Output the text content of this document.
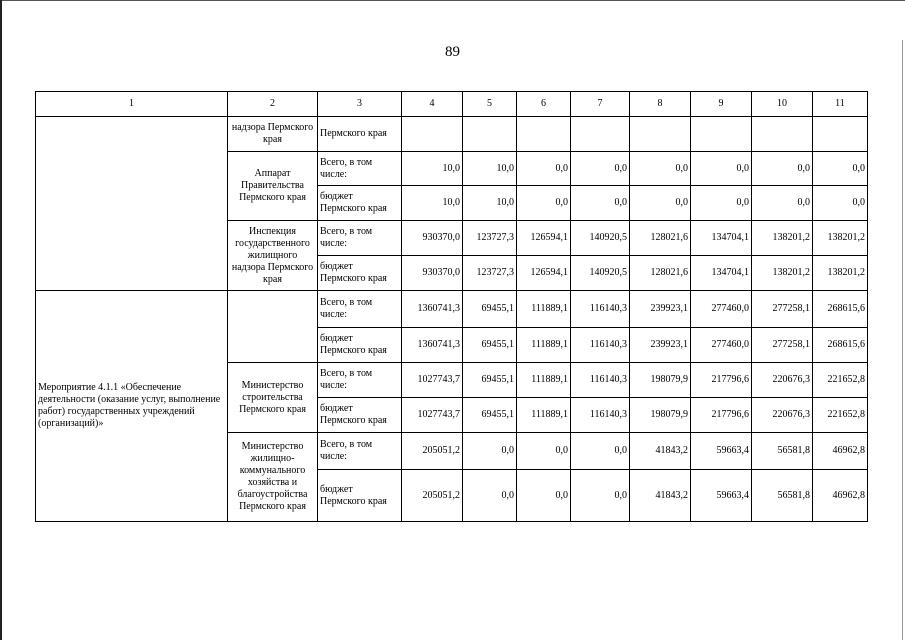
89
1	2	3	4	5	6	7	8	9	10	11
	надзора Пермского края	Пермского края								
	Аппарат Правительства Пермского края	Всего, в том числе:	10,0	10,0	0,0	0,0	0,0	0,0	0,0	0,0
		бюджет Пермского края	10,0	10,0	0,0	0,0	0,0	0,0	0,0	0,0
	Инспекция государственного жилищного надзора Пермского края	Всего, в том числе:	930370,0	123727,3	126594,1	140920,5	128021,6	134704,1	138201,2	138201,2
		бюджет Пермского края	930370,0	123727,3	126594,1	140920,5	128021,6	134704,1	138201,2	138201,2
Мероприятие 4.1.1 «Обеспечение деятельности (оказание услуг, выполнение работ) государственных учреждений (организаций)»		Всего, в том числе:	1360741,3	69455,1	111889,1	116140,3	239923,1	277460,0	277258,1	268615,6
		бюджет Пермского края	1360741,3	69455,1	111889,1	116140,3	239923,1	277460,0	277258,1	268615,6
	Министерство строительства Пермского края	Всего, в том числе:	1027743,7	69455,1	111889,1	116140,3	198079,9	217796,6	220676,3	221652,8
		бюджет Пермского края	1027743,7	69455,1	111889,1	116140,3	198079,9	217796,6	220676,3	221652,8
	Министерство жилищно-коммунального хозяйства и благоустройства Пермского края	Всего, в том числе:	205051,2	0,0	0,0	0,0	41843,2	59663,4	56581,8	46962,8
		бюджет Пермского края	205051,2	0,0	0,0	0,0	41843,2	59663,4	56581,8	46962,8
